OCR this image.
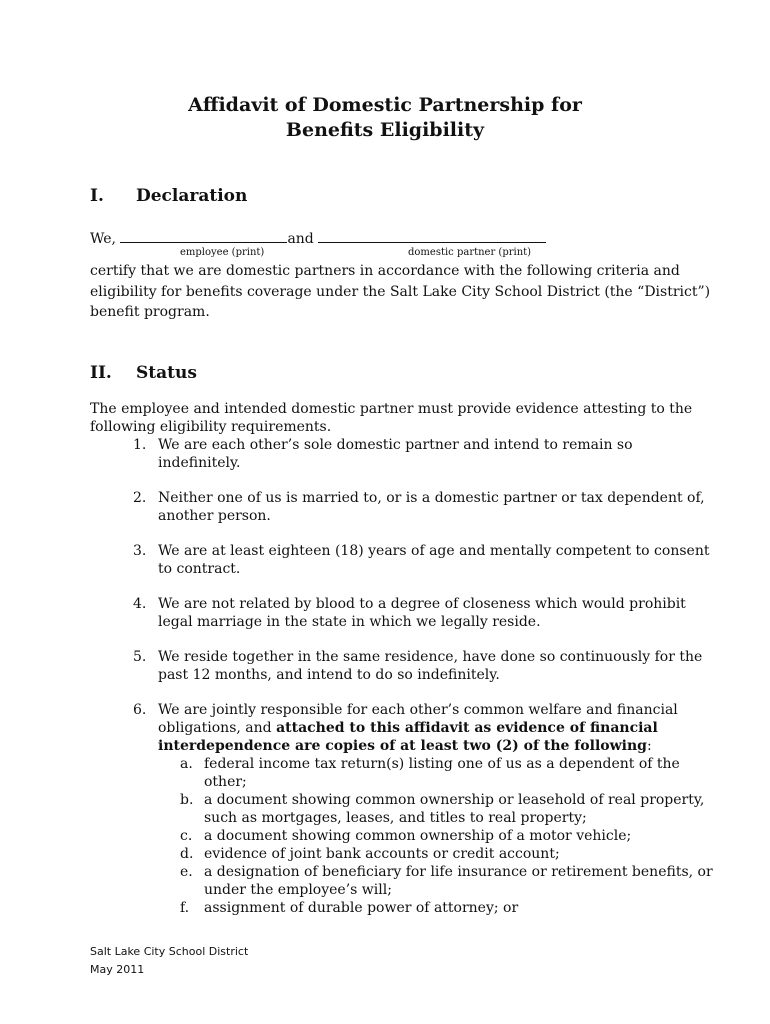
Affidavit of Domestic Partnership for
Benefits Eligibility
I. Declaration
We,	and
employee (print)	domestic partner (print)
certify that we are domestic partners in accordance with the following criteria and
eligibility for benefits coverage under the Salt Lake City School District (the “District”)
benefit program.
II. Status
The employee and intended domestic partner must provide evidence attesting to the
following eligibility requirements.
1. We are each other’s sole domestic partner and intend to remain so
indefinitely.
2. Neither one of us is married to, or is a domestic partner or tax dependent of,
another person.
3. We are at least eighteen (18) years of age and mentally competent to consent
to contract.
4. We are not related by blood to a degree of closeness which would prohibit
legal marriage in the state in which we legally reside.
5. We reside together in the same residence, have done so continuously for the
past 12 months, and intend to do so indefinitely.
6. We are jointly responsible for each other’s common welfare and financial
obligations, and attached to this affidavit as evidence of financial
interdependence are copies of at least two (2) of the following:
a. federal income tax return(s) listing one of us as a dependent of the
other;
b. a document showing common ownership or leasehold of real property,
such as mortgages, leases, and titles to real property;
c. a document showing common ownership of a motor vehicle;
d. evidence of joint bank accounts or credit account;
e. a designation of beneficiary for life insurance or retirement benefits, or
under the employee’s will;
f.	assignment of durable power of attorney; or
Salt Lake City School District
May 2011
